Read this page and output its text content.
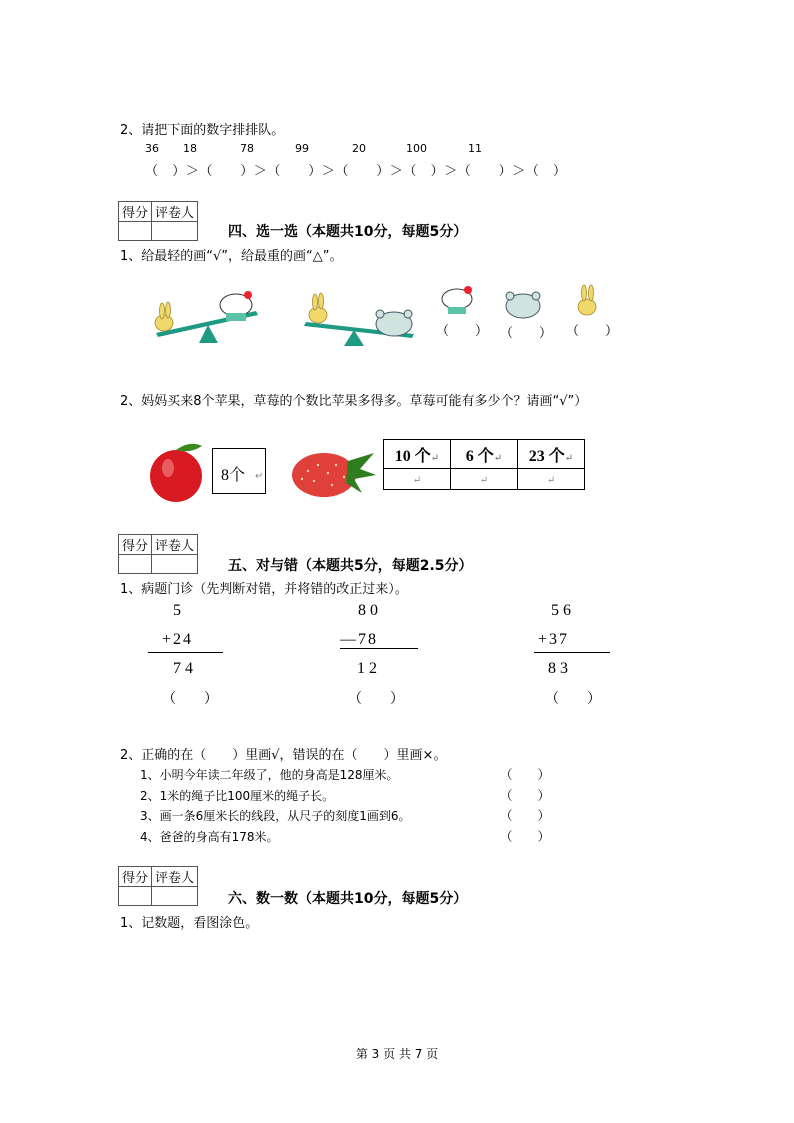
2、请把下面的数字排排队。
36 18	78	99	20	100	11
（　）＞（　　）＞（　　）＞（　　）＞（　）＞（　　）＞（　）
得分	评卷人

四、选一选（本题共10分，每题5分）
1、给最轻的画“√”，给最重的画“△”。
（　　） （　　） （　　）
2、妈妈买来8个苹果，草莓的个数比苹果多得多。草莓可能有多少个？请画“√”）
8个 ↵
10 个↵	6 个↵	23 个↵
↵	↵	↵
得分	评卷人

五、对与错（本题共5分，每题2.5分）
1、病题门诊（先判断对错，并将错的改正过来）。
5
+24
74
（　　）
80
—78
12
（　　）
56
+37
83
（　　）
2、正确的在（　　）里画√，错误的在（　　）里画×。
1、小明今年读二年级了，他的身高是128厘米。	（　　）
2、1米的绳子比100厘米的绳子长。	（　　）
3、画一条6厘米长的线段，从尺子的刻度1画到6。	（　　）
4、爸爸的身高有178米。	（　　）
得分	评卷人

六、数一数（本题共10分，每题5分）
1、记数题，看图涂色。
第 3 页 共 7 页
